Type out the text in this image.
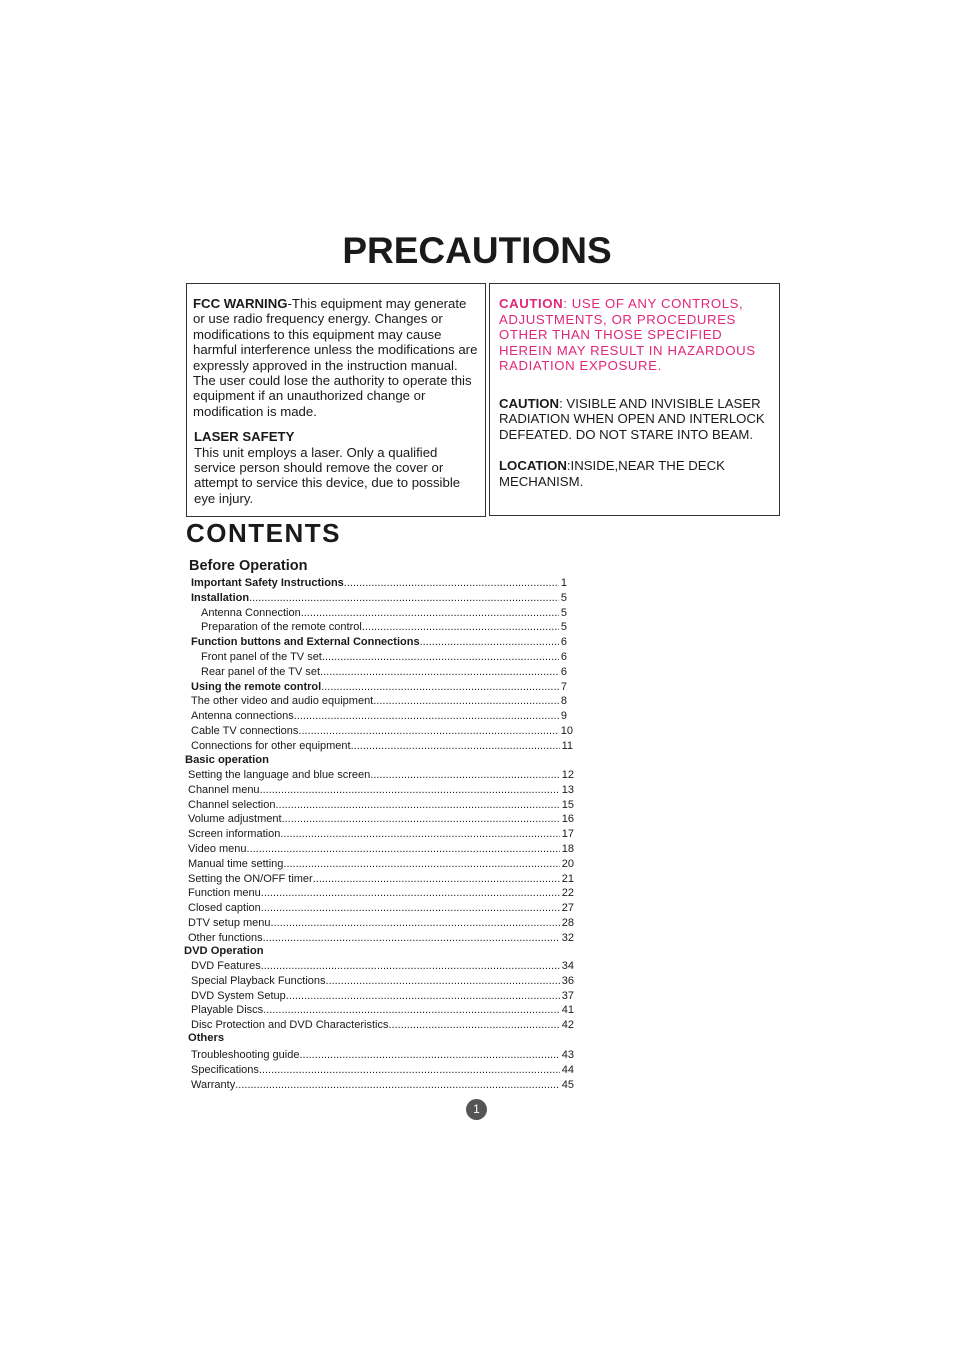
PRECAUTIONS

FCC WARNING-This equipment may generate or use radio frequency energy. Changes or modifications to this equipment may cause harmful interference unless the modifications are expressly approved in the instruction manual. The user could lose the authority to operate this equipment if an unauthorized change or modification is made.

LASER SAFETY

This unit employs a laser. Only a qualified service person should remove the cover or attempt to service this device, due to possible eye injury.

CAUTION: USE OF ANY CONTROLS, ADJUSTMENTS, OR PROCEDURES OTHER THAN THOSE SPECIFIED HEREIN MAY RESULT IN HAZARDOUS RADIATION EXPOSURE.

CAUTION: VISIBLE AND INVISIBLE LASER RADIATION WHEN OPEN AND INTERLOCK DEFEATED. DO NOT STARE INTO BEAM.

LOCATION:INSIDE,NEAR THE DECK MECHANISM.

CONTENTS
Before Operation
Important Safety Instructions .....	1
Installation .....	5
Antenna Connection .....	5
Preparation of the remote control .....	5
Function buttons and External Connections .....	6
Front panel of the TV set .....	6
Rear panel of the TV set .....	6
Using the remote control .....	7
The other video and audio equipment .....	8
Antenna connections .....	9
Cable TV connections .....	10
Connections for other equipment .....	11
Basic operation
Setting the language and blue screen .....	12
Channel menu .....	13
Channel selection .....	15
Volume adjustment .....	16
Screen information .....	17
Video menu .....	18
Manual time setting .....	20
Setting the ON/OFF timer .....	21
Function menu .....	22
Closed caption .....	27
DTV setup menu .....	28
Other functions .....	32
DVD Operation
DVD Features .....	34
Special Playback Functions .....	36
DVD System Setup .....	37
Playable Discs .....	41
Disc Protection and DVD Characteristics .....	42
Others
Troubleshooting guide .....	43
Specifications .....	44
Warranty .....	45
1
